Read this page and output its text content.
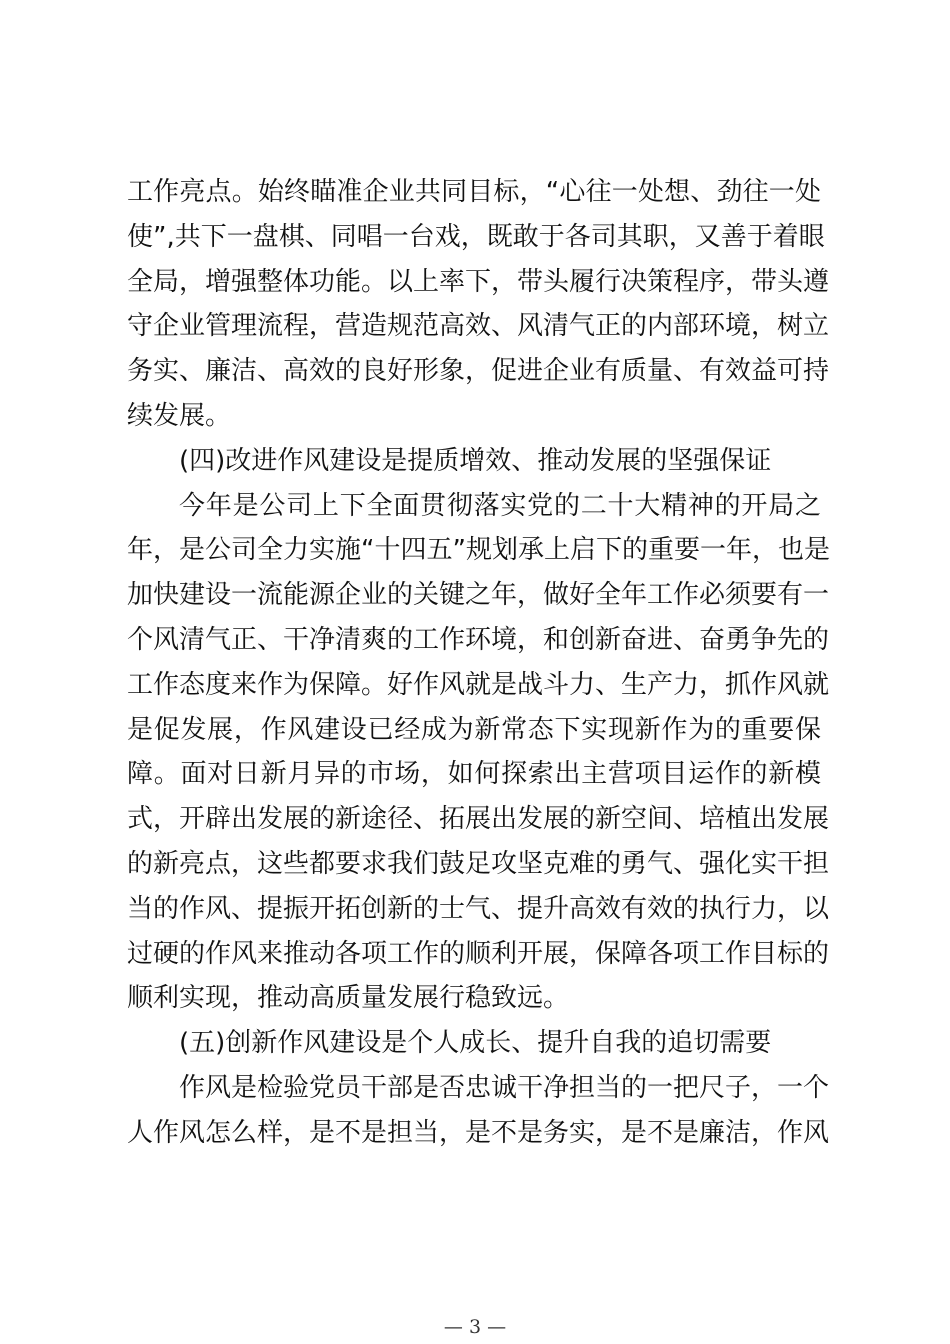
工作亮点。始终瞄准企业共同目标，“心往一处想、劲往一处
使”,共下一盘棋、同唱一台戏，既敢于各司其职，又善于着眼
全局，增强整体功能。以上率下，带头履行决策程序，带头遵
守企业管理流程，营造规范高效、风清气正的内部环境，树立
务实、廉洁、高效的良好形象，促进企业有质量、有效益可持
续发展。
(四)改进作风建设是提质增效、推动发展的坚强保证
今年是公司上下全面贯彻落实党的二十大精神的开局之
年，是公司全力实施“十四五”规划承上启下的重要一年，也是
加快建设一流能源企业的关键之年，做好全年工作必须要有一
个风清气正、干净清爽的工作环境，和创新奋进、奋勇争先的
工作态度来作为保障。好作风就是战斗力、生产力，抓作风就
是促发展，作风建设已经成为新常态下实现新作为的重要保
障。面对日新月异的市场，如何探索出主营项目运作的新模
式，开辟出发展的新途径、拓展出发展的新空间、培植出发展
的新亮点，这些都要求我们鼓足攻坚克难的勇气、强化实干担
当的作风、提振开拓创新的士气、提升高效有效的执行力，以
过硬的作风来推动各项工作的顺利开展，保障各项工作目标的
顺利实现，推动高质量发展行稳致远。
(五)创新作风建设是个人成长、提升自我的追切需要
作风是检验党员干部是否忠诚干净担当的一把尺子，一个
人作风怎么样，是不是担当，是不是务实，是不是廉洁，作风
— 3 —
